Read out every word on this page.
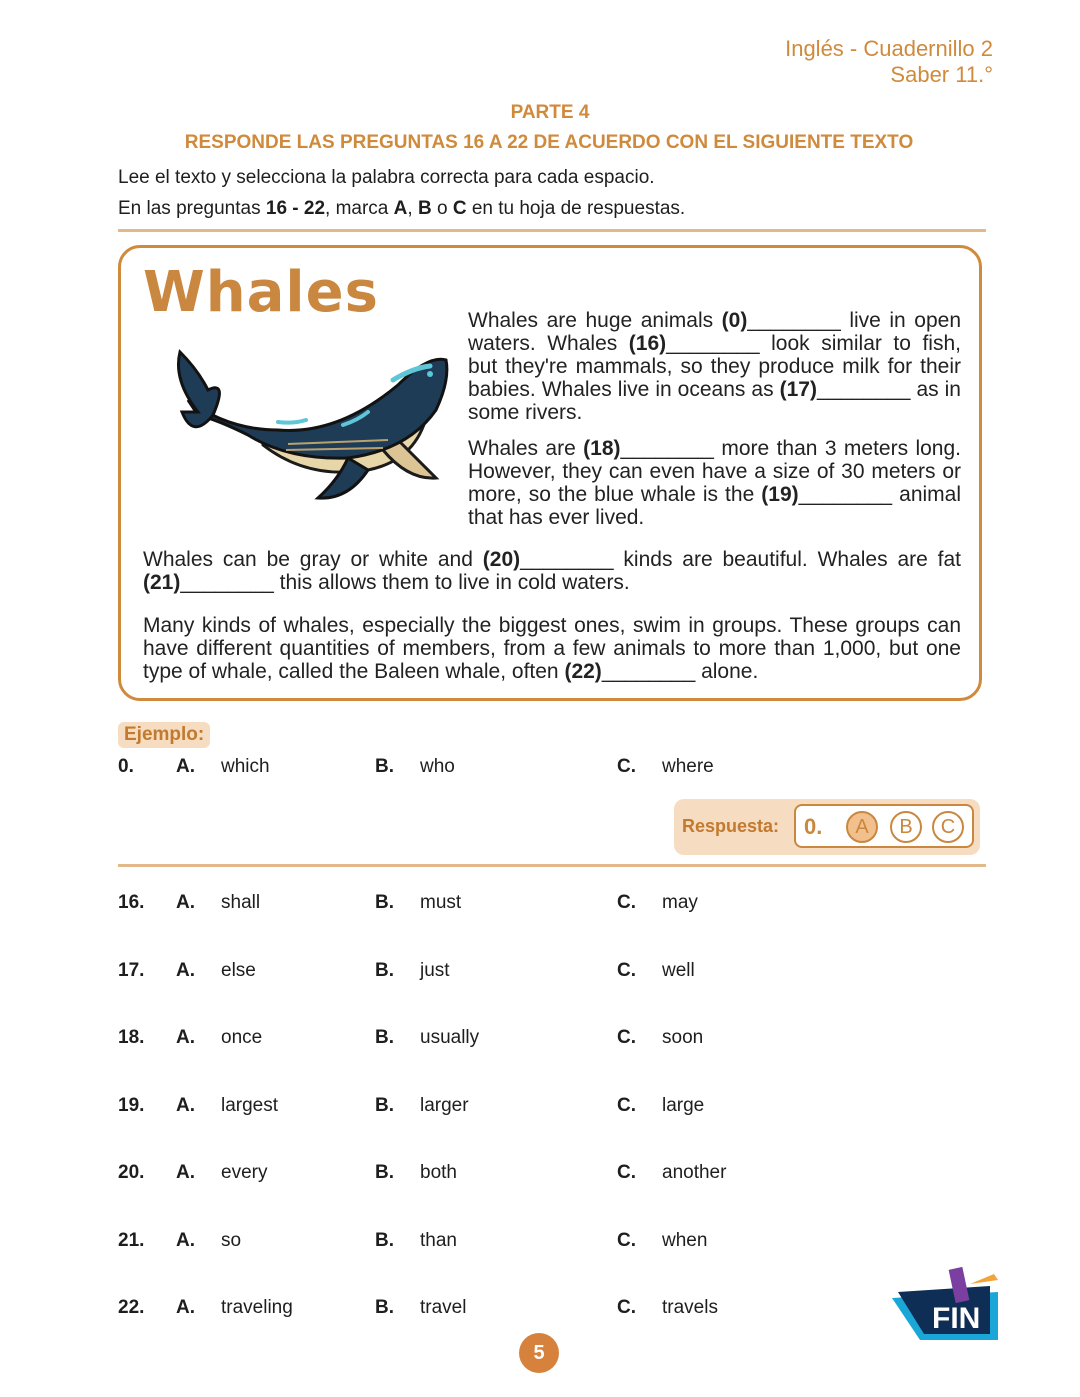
Inglés - Cuadernillo 2
Saber 11.°
PARTE 4
RESPONDE LAS PREGUNTAS 16 A 22 DE ACUERDO CON EL SIGUIENTE TEXTO
Lee el texto y selecciona la palabra correcta para cada espacio.
En las preguntas 16 - 22, marca A, B o C en tu hoja de respuestas.
Whales	Whales are huge animals (0)________ live in open waters. Whales (16)________ look similar to fish, but they're mammals, so they produce milk for their babies. Whales live in oceans as (17)________ as in some rivers.
Whales are (18)________ more than 3 meters long. However, they can even have a size of 30 meters or more, so the blue whale is the (19)________ animal that has ever lived.
Whales can be gray or white and (20)________ kinds are beautiful. Whales are fat (21)________ this allows them to live in cold waters.
Many kinds of whales, especially the biggest ones, swim in groups. These groups can have different quantities of members, from a few animals to more than 1,000, but one type of whale, called the Baleen whale, often (22)________ alone.
Ejemplo:
0. A. which	B. who	C. where
Respuesta: 0.	A	B	C
16. A. shall	B. must	C. may
17. A. else	B. just	C. well
18. A. once	B. usually	C. soon
19. A. largest	B. larger	C. large
20. A. every	B. both	C. another
21. A. so	B. than	C. when
22. A. traveling	B. travel	C. travels	FIN
5
